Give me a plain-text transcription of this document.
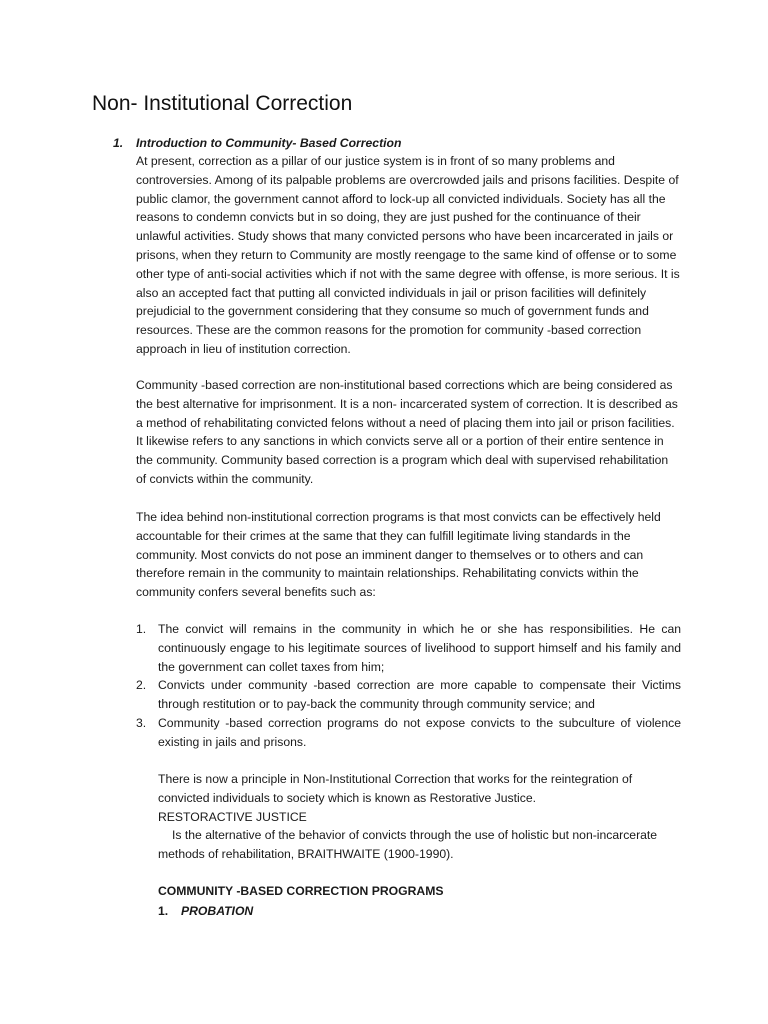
Non- Institutional Correction
1. Introduction to Community- Based Correction

At present, correction as a pillar of our justice system is in front of so many problems and controversies. Among of its palpable problems are overcrowded jails and prisons facilities. Despite of public clamor, the government cannot afford to lock-up all convicted individuals. Society has all the reasons to condemn convicts but in so doing, they are just pushed for the continuance of their unlawful activities. Study shows that many convicted persons who have been incarcerated in jails or prisons, when they return to Community are mostly reengage to the same kind of offense or to some other type of anti-social activities which if not with the same degree with offense, is more serious. It is also an accepted fact that putting all convicted individuals in jail or prison facilities will definitely prejudicial to the government considering that they consume so much of government funds and resources. These are the common reasons for the promotion for community -based correction approach in lieu of institution correction.

Community -based correction are non-institutional based corrections which are being considered as the best alternative for imprisonment. It is a non- incarcerated system of correction. It is described as a method of rehabilitating convicted felons without a need of placing them into jail or prison facilities. It likewise refers to any sanctions in which convicts serve all or a portion of their entire sentence in the community. Community based correction is a program which deal with supervised rehabilitation of convicts within the community.

The idea behind non-institutional correction programs is that most convicts can be effectively held accountable for their crimes at the same that they can fulfill legitimate living standards in the community. Most convicts do not pose an imminent danger to themselves or to others and can therefore remain in the community to maintain relationships. Rehabilitating convicts within the community confers several benefits such as:

1. The convict will remains in the community in which he or she has responsibilities. He can continuously engage to his legitimate sources of livelihood to support himself and his family and the government can collet taxes from him;
2. Convicts under community -based correction are more capable to compensate their Victims through restitution or to pay-back the community through community service; and
3. Community -based correction programs do not expose convicts to the subculture of violence existing in jails and prisons.

There is now a principle in Non-Institutional Correction that works for the reintegration of convicted individuals to society which is known as Restorative Justice.

RESTORACTIVE JUSTICE

Is the alternative of the behavior of convicts through the use of holistic but non-incarcerate methods of rehabilitation, BRAITHWAITE (1900-1990).

COMMUNITY -BASED CORRECTION PROGRAMS
1. PROBATION
